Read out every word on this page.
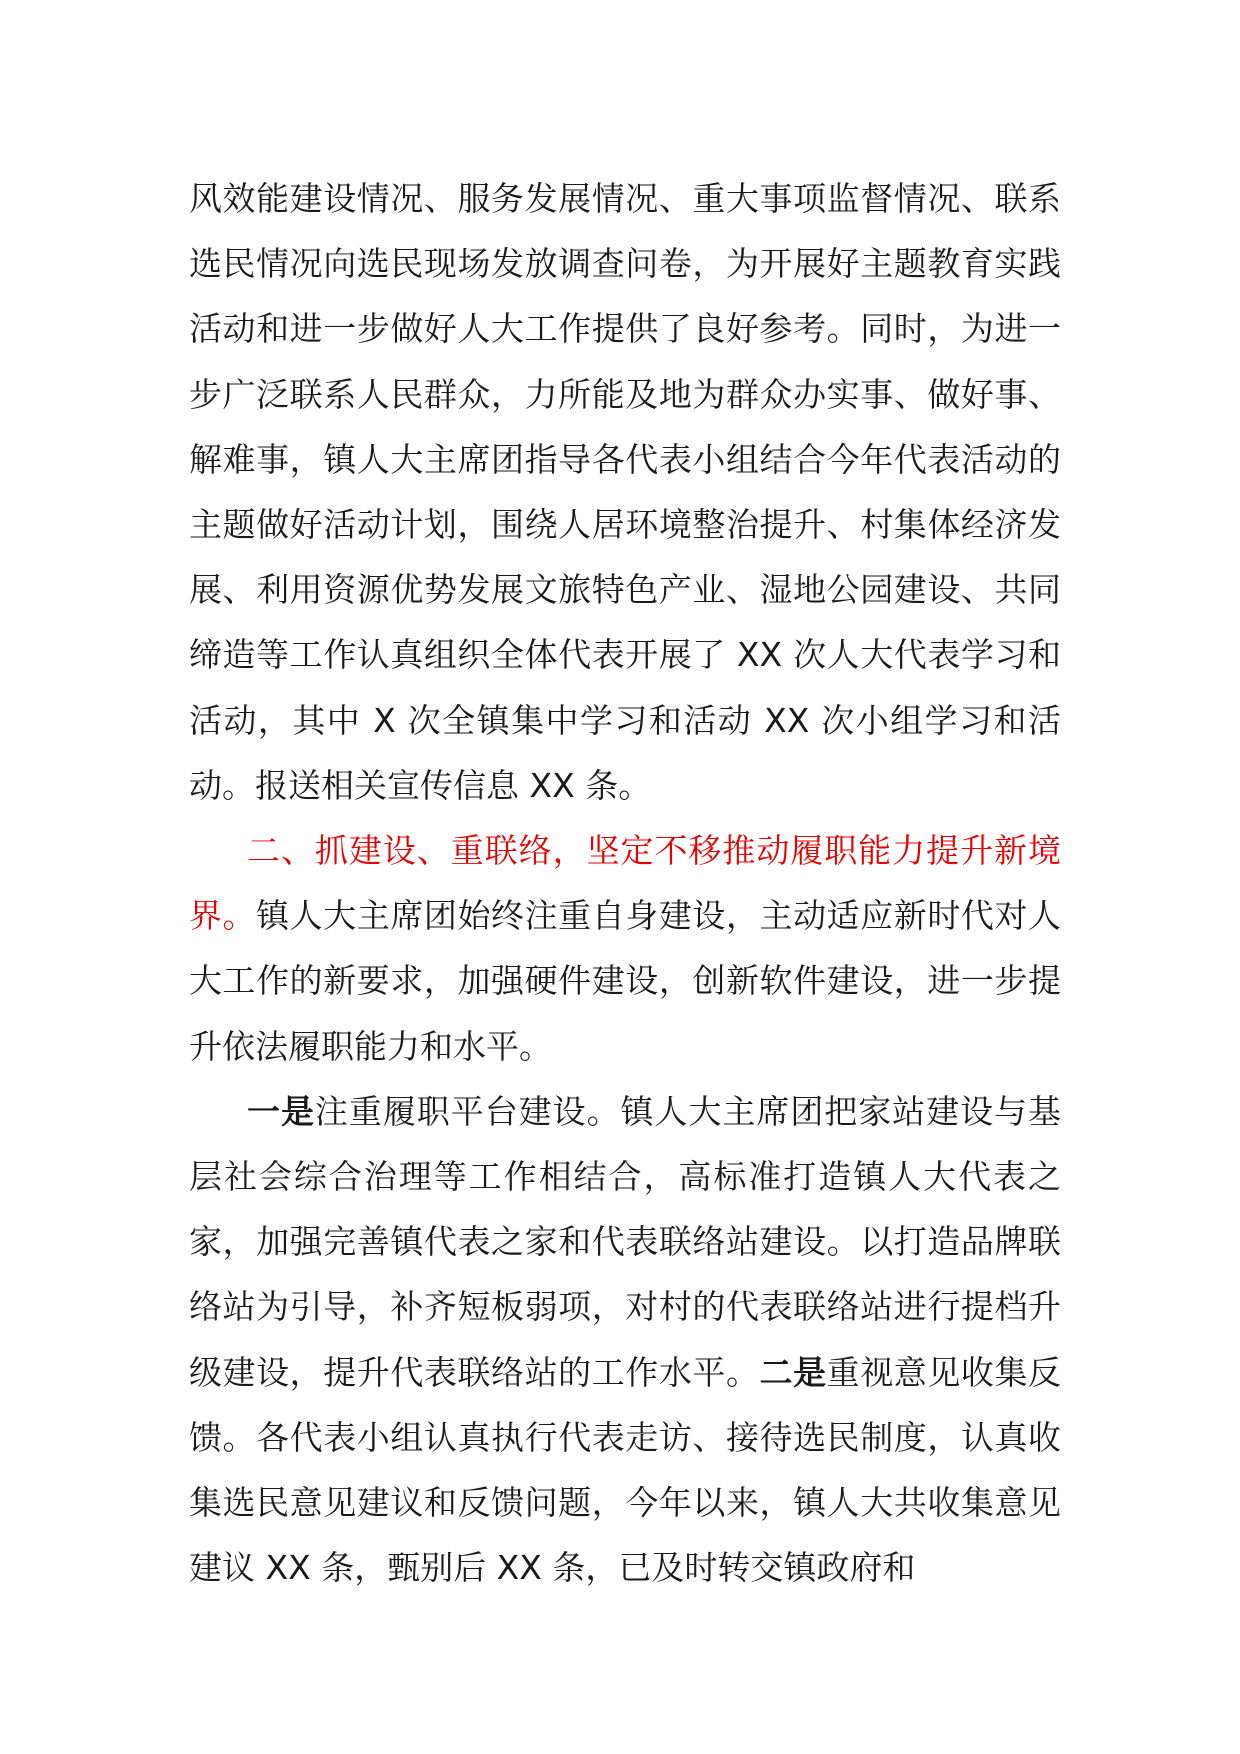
风效能建设情况、服务发展情况、重大事项监督情况、联系选民情况向选民现场发放调查问卷，为开展好主题教育实践活动和进一步做好人大工作提供了良好参考。同时，为进一步广泛联系人民群众，力所能及地为群众办实事、做好事、解难事，镇人大主席团指导各代表小组结合今年代表活动的主题做好活动计划，围绕人居环境整治提升、村集体经济发展、利用资源优势发展文旅特色产业、湿地公园建设、共同缔造等工作认真组织全体代表开展了 XX 次人大代表学习和活动，其中 X 次全镇集中学习和活动 XX 次小组学习和活动。报送相关宣传信息 XX 条。

二、抓建设、重联络，坚定不移推动履职能力提升新境界。镇人大主席团始终注重自身建设，主动适应新时代对人大工作的新要求，加强硬件建设，创新软件建设，进一步提升依法履职能力和水平。

一是注重履职平台建设。镇人大主席团把家站建设与基层社会综合治理等工作相结合，高标准打造镇人大代表之家，加强完善镇代表之家和代表联络站建设。以打造品牌联络站为引导，补齐短板弱项，对村的代表联络站进行提档升级建设，提升代表联络站的工作水平。二是重视意见收集反馈。各代表小组认真执行代表走访、接待选民制度，认真收集选民意见建议和反馈问题，今年以来，镇人大共收集意见建议 XX 条，甄别后 XX 条，已及时转交镇政府和
